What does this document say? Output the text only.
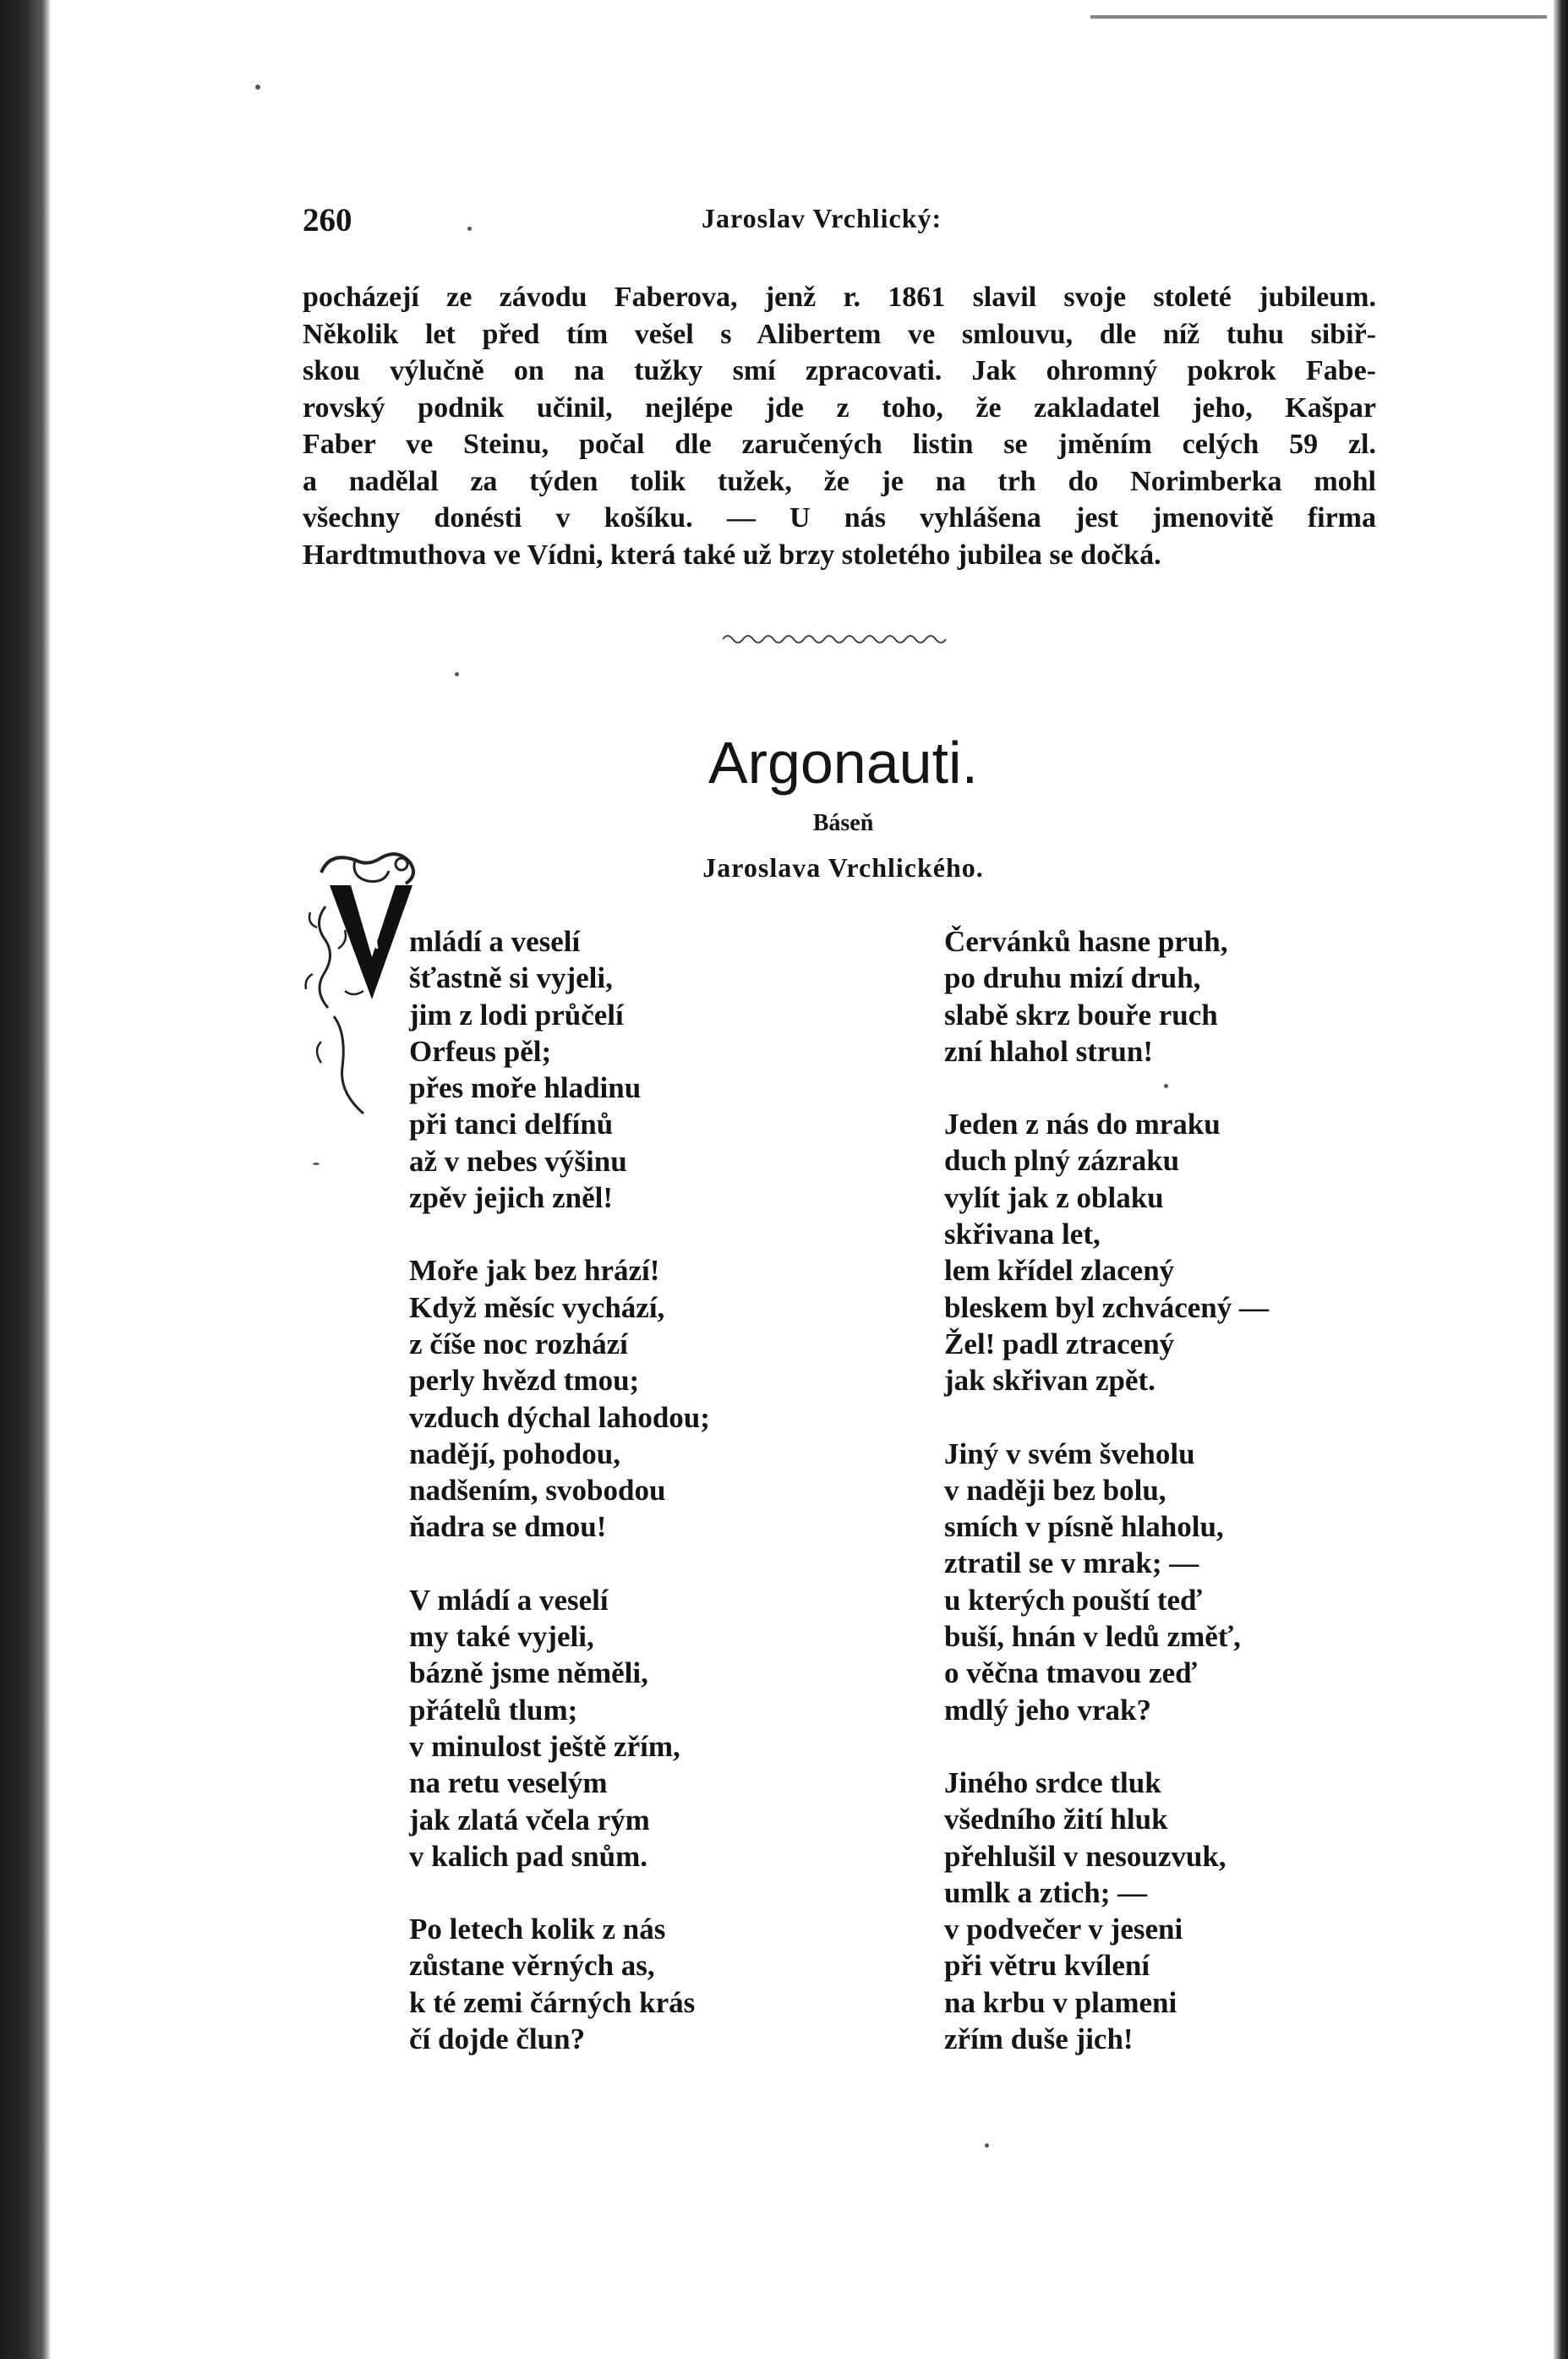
260	Jaroslav Vrchlický:
pocházejí ze závodu Faberova, jenž r. 1861 slavil svoje stoleté jubileum.
Několik let před tím vešel s Alibertem ve smlouvu, dle níž tuhu sibiř-
skou výlučně on na tužky smí zpracovati. Jak ohromný pokrok Fabe-
rovský podnik učinil, nejlépe jde z toho, že zakladatel jeho, Kašpar
Faber ve Steinu, počal dle zaručených listin se jměním celých 59 zl.
a nadělal za týden tolik tužek, že je na trh do Norimberka mohl
všechny donésti v košíku. — U nás vyhlášena jest jmenovitě firma
Hardtmuthova ve Vídni, která také už brzy stoletého jubilea se dočká.
Argonauti.
Báseň
Jaroslava Vrchlického.
V
mládí a veselí
šťastně si vyjeli,
jim z lodi průčelí
Orfeus pěl;
přes moře hladinu
při tanci delfínů
až v nebes výšinu
zpěv jejich zněl!
Moře jak bez hrází!
Když měsíc vychází,
z číše noc rozhází
perly hvězd tmou;
vzduch dýchal lahodou;
nadějí, pohodou,
nadšením, svobodou
ňadra se dmou!
V mládí a veselí
my také vyjeli,
bázně jsme něměli,
přátelů tlum;
v minulost ještě zřím,
na retu veselým
jak zlatá včela rým
v kalich pad snům.
Po letech kolik z nás
zůstane věrných as,
k té zemi čárných krás
čí dojde člun?
Červánků hasne pruh,
po druhu mizí druh,
slabě skrz bouře ruch
zní hlahol strun!
Jeden z nás do mraku
duch plný zázraku
vylít jak z oblaku
skřivana let,
lem křídel zlacený
bleskem byl zchvácený —
Žel! padl ztracený
jak skřivan zpět.
Jiný v svém šveholu
v naději bez bolu,
smích v písně hlaholu,
ztratil se v mrak; —
u kterých pouští teď
buší, hnán v ledů změť,
o věčna tmavou zeď
mdlý jeho vrak?
Jiného srdce tluk
všedního žití hluk
přehlušil v nesouzvuk,
umlk a ztich; —
v podvečer v jeseni
při větru kvílení
na krbu v plameni
zřím duše jich!
